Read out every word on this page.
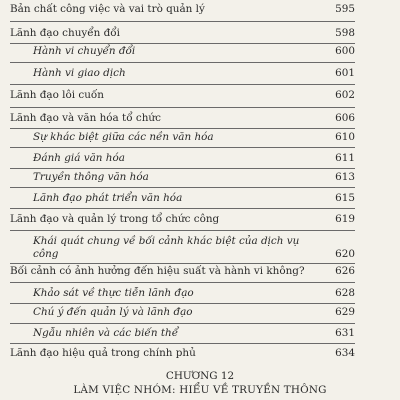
Bản chất công việc và vai trò quản lý	595
Lãnh đạo chuyển đổi	598
Hành vi chuyển đổi	600
Hành vi giao dịch	601
Lãnh đạo lôi cuốn	602
Lãnh đạo và văn hóa tổ chức	606
Sự khác biệt giữa các nền văn hóa	610
Đánh giá văn hóa	611
Truyền thông văn hóa	613
Lãnh đạo phát triển văn hóa	615
Lãnh đạo và quản lý trong tổ chức công	619
Khái quát chung về bối cảnh khác biệt của dịch vụ công	620
Bối cảnh có ảnh hưởng đến hiệu suất và hành vi không?	626
Khảo sát về thực tiễn lãnh đạo	628
Chú ý đến quản lý và lãnh đạo	629
Ngẫu nhiên và các biến thể	631
Lãnh đạo hiệu quả trong chính phủ	634
CHƯƠNG 12
LÀM VIỆC NHÓM: HIỂU VỀ TRUYỀN THÔNG
